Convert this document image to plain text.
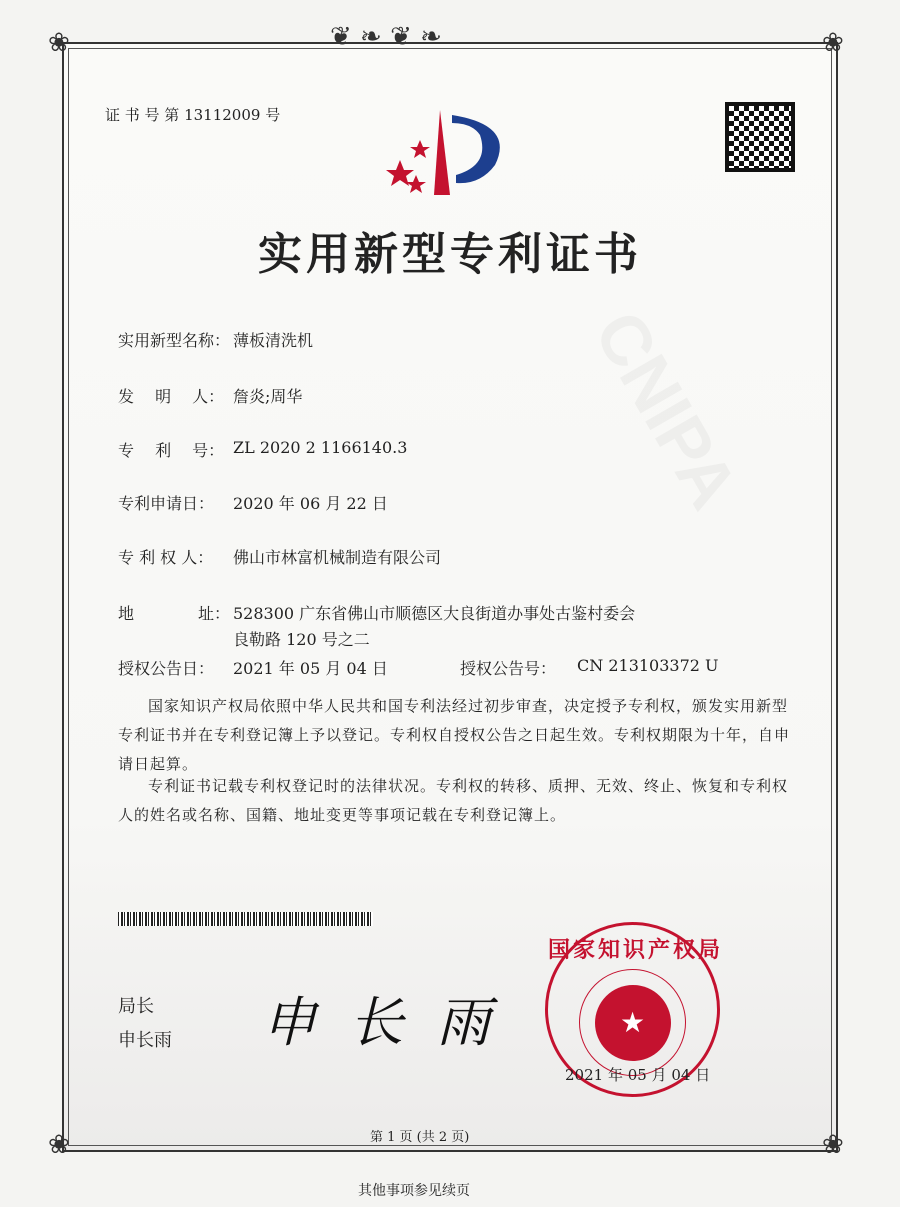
❦ ❧ ❦ ❧
❀	❀
❀	❀
证 书 号 第 13112009 号
实用新型专利证书
实用新型名称： 薄板清洗机
发　 明　 人： 詹炎;周华
专　 利　 号： ZL 2020 2 1166140.3
专利申请日： 2020 年 06 月 22 日
专 利 权 人： 佛山市林富机械制造有限公司
地　　　　址： 528300 广东省佛山市顺德区大良街道办事处古鉴村委会
良勒路 120 号之二
授权公告日： 2021 年 05 月 04 日	授权公告号： CN 213103372 U
国家知识产权局依照中华人民共和国专利法经过初步审查，决定授予专利权，颁发实用新型专利证书并在专利登记簿上予以登记。专利权自授权公告之日起生效。专利权期限为十年，自申请日起算。
专利证书记载专利权登记时的法律状况。专利权的转移、质押、无效、终止、恢复和专利权人的姓名或名称、国籍、地址变更等事项记载在专利登记簿上。
局长
申长雨 申 长 雨	★
国家知识产权局
2021 年 05 月 04 日
第 1 页 (共 2 页)
其他事项参见续页
